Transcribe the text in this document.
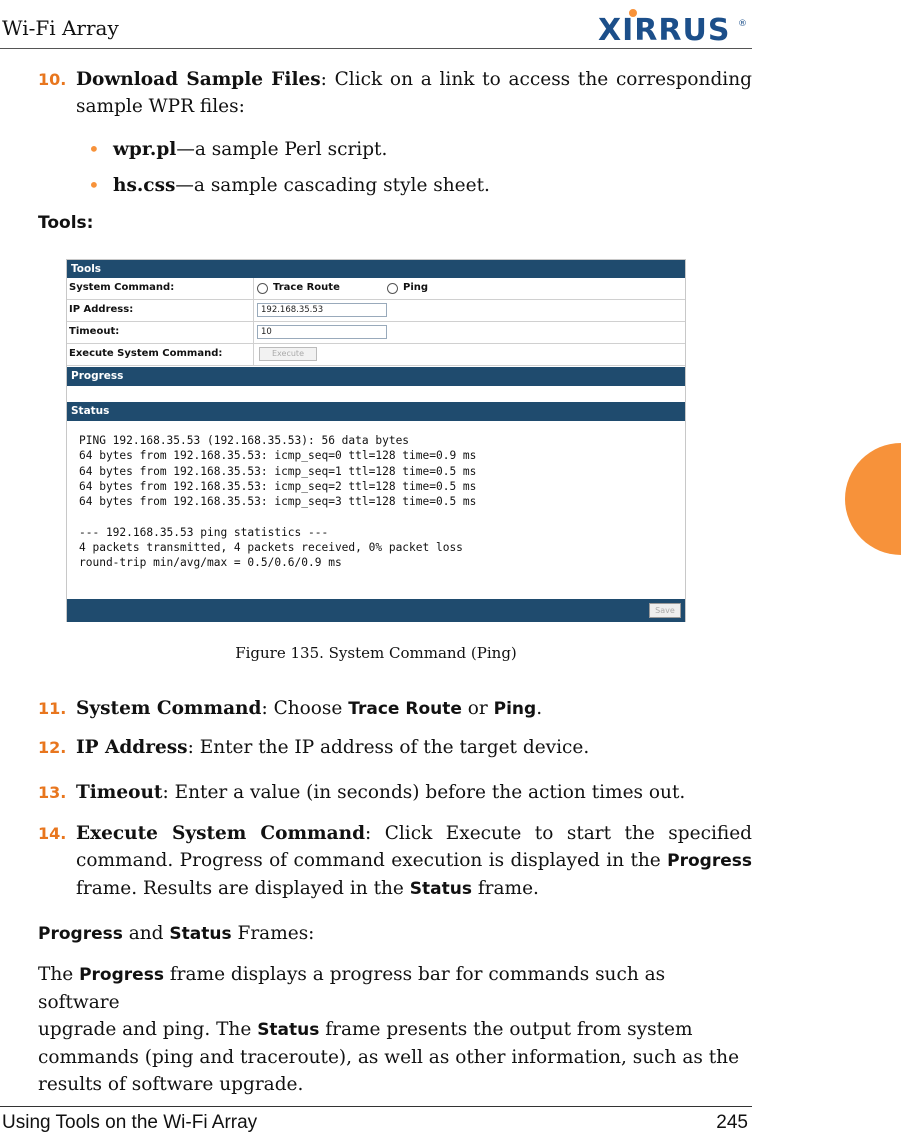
Wi-Fi Array	XIRRUS ®
10. Download Sample Files: Click on a link to access the corresponding
sample WPR files:
• wpr.pl—a sample Perl script.
• hs.css—a sample cascading style sheet.
Tools:
Tools
System Command:	Trace Route	Ping
IP Address:
192.168.35.53
Timeout:
10
Execute System Command:	Execute
Progress
Status
PING 192.168.35.53 (192.168.35.53): 56 data bytes
64 bytes from 192.168.35.53: icmp_seq=0 ttl=128 time=0.9 ms
64 bytes from 192.168.35.53: icmp_seq=1 ttl=128 time=0.5 ms
64 bytes from 192.168.35.53: icmp_seq=2 ttl=128 time=0.5 ms
64 bytes from 192.168.35.53: icmp_seq=3 ttl=128 time=0.5 ms

--- 192.168.35.53 ping statistics ---
4 packets transmitted, 4 packets received, 0% packet loss
round-trip min/avg/max = 0.5/0.6/0.9 ms
Save
Figure 135. System Command (Ping)
11. System Command: Choose Trace Route or Ping.
12. IP Address: Enter the IP address of the target device.
13. Timeout: Enter a value (in seconds) before the action times out.
14. Execute System Command: Click Execute to start the specified
command. Progress of command execution is displayed in the Progress
frame. Results are displayed in the Status frame.
Progress and Status Frames:
The Progress frame displays a progress bar for commands such as software
upgrade and ping. The Status frame presents the output from system
commands (ping and traceroute), as well as other information, such as the
results of software upgrade.
Using Tools on the Wi-Fi Array	245
